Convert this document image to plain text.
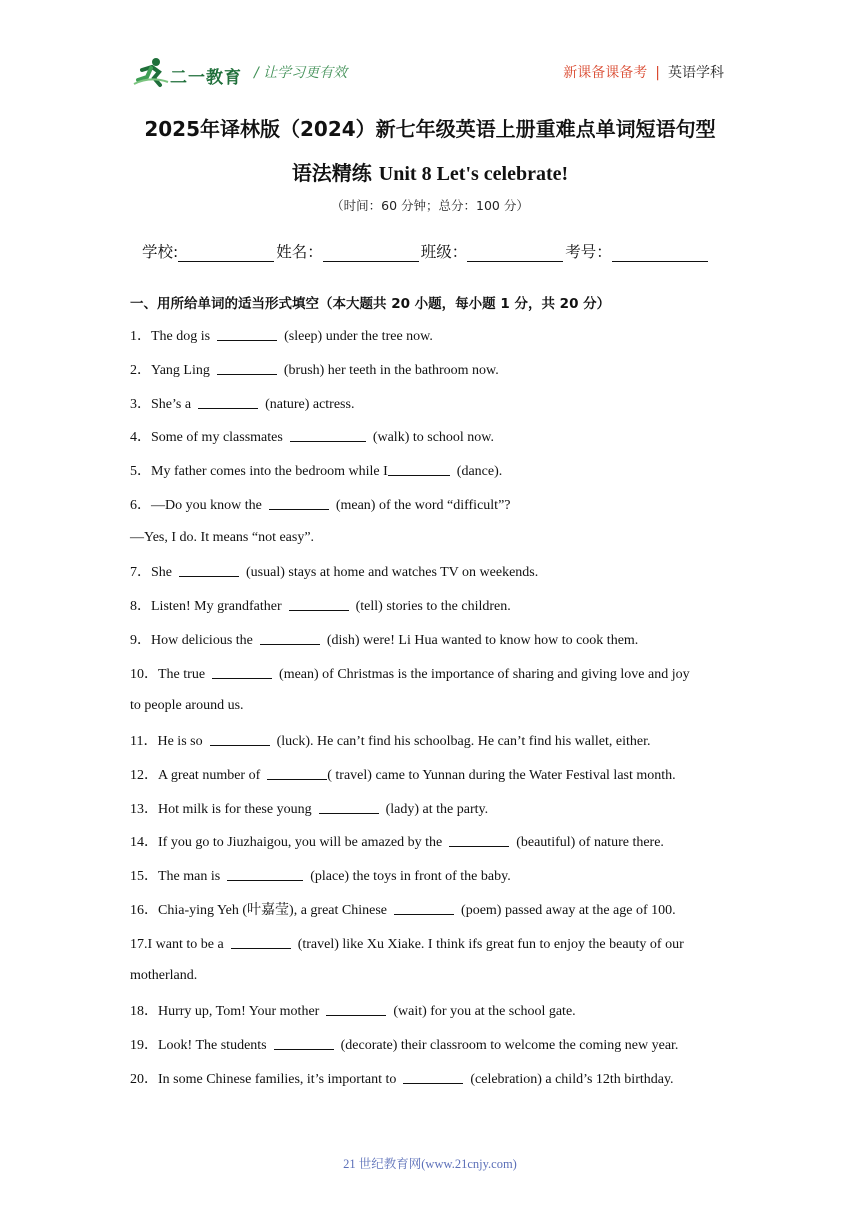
二一教育 / 让学习更有效	新课备课备考 | 英语学科
2025年译林版（2024）新七年级英语上册重难点单词短语句型
语法精练 Unit 8 Let's celebrate!
（时间：60 分钟；总分：100 分）
学校:	姓名：	班级：	考号：
一、用所给单词的适当形式填空（本大题共 20 小题，每小题 1 分，共 20 分）
1．The dog is	(sleep) under the tree now.
2．Yang Ling	(brush) her teeth in the bathroom now.
3．She’s a	(nature) actress.
4．Some of my classmates	(walk) to school now.
5．My father comes into the bedroom while I	(dance).
6．—Do you know the	(mean) of the word “difficult”?
—Yes, I do. It means “not easy”.
7．She	(usual) stays at home and watches TV on weekends.
8．Listen! My grandfather	(tell) stories to the children.
9．How delicious the	(dish) were! Li Hua wanted to know how to cook them.
10．The true	(mean) of Christmas is the importance of sharing and giving love and joy
to people around us.
11．He is so	(luck). He can’t find his schoolbag. He can’t find his wallet, either.
12．A great number of	( travel) came to Yunnan during the Water Festival last month.
13．Hot milk is for these young	(lady) at the party.
14．If you go to Jiuzhaigou, you will be amazed by the	(beautiful) of nature there.
15．The man is	(place) the toys in front of the baby.
16．Chia-ying Yeh (叶嘉莹), a great Chinese	(poem) passed away at the age of 100.
17.I want to be a	(travel) like Xu Xiake. I think ifs great fun to enjoy the beauty of our
motherland.
18．Hurry up, Tom! Your mother	(wait) for you at the school gate.
19．Look! The students	(decorate) their classroom to welcome the coming new year.
20．In some Chinese families, it’s important to	(celebration) a child’s 12th birthday.
21 世纪教育网(www.21cnjy.com)
